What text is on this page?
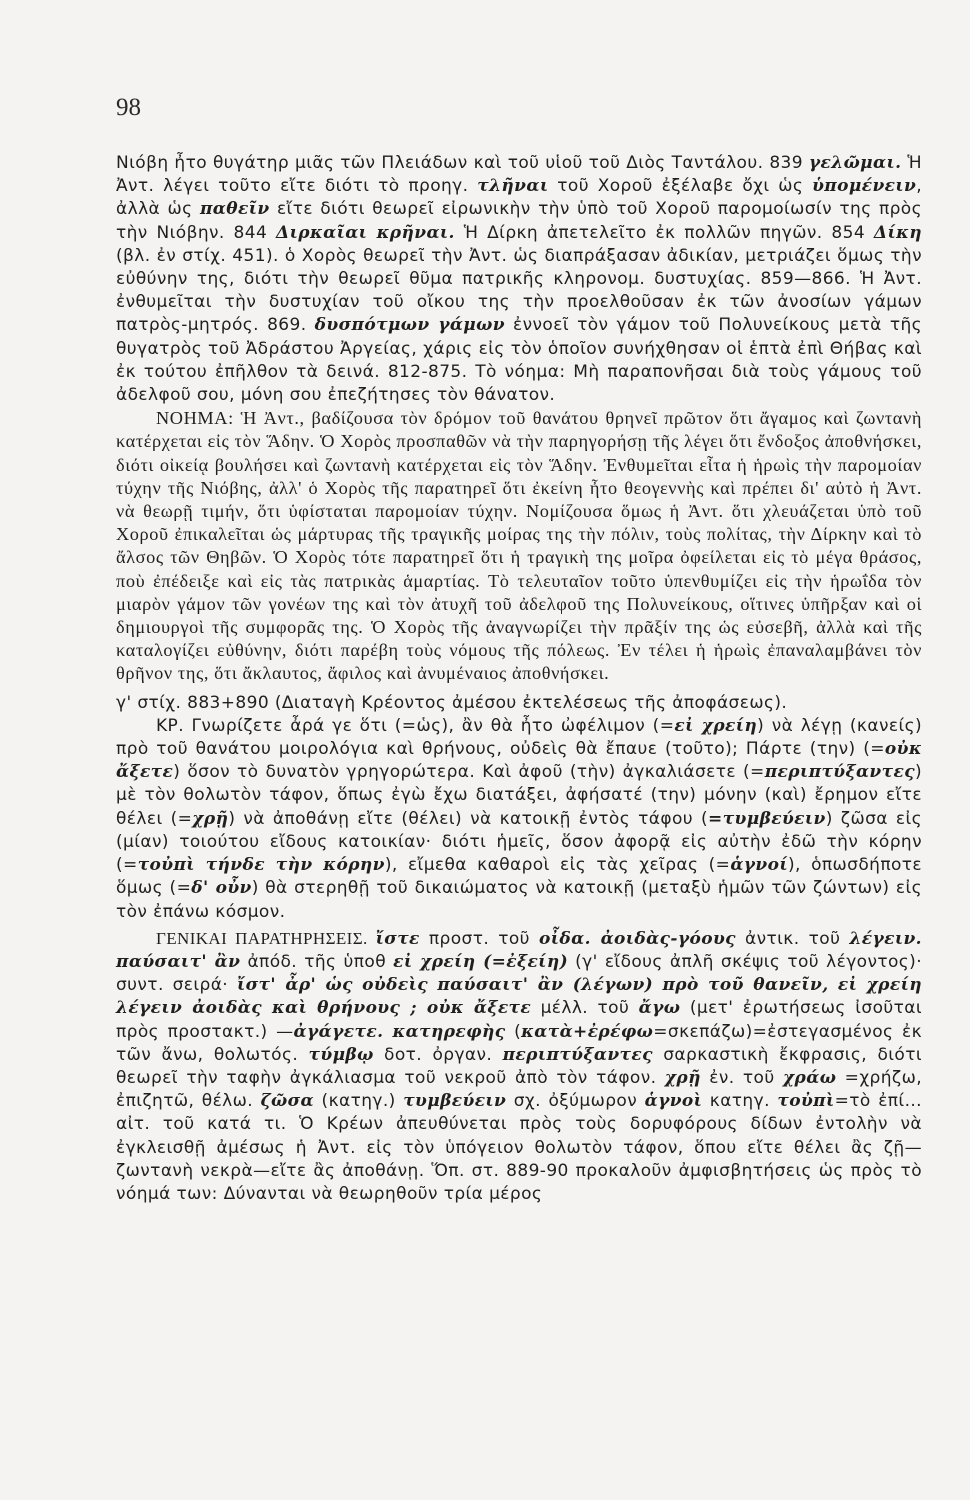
98

Νιόβη ἦτο θυγάτηρ μιᾶς τῶν Πλειάδων καὶ τοῦ υἱοῦ τοῦ Διὸς Ταντάλου. 839 γελῶμαι. Ἡ Ἀντ. λέγει τοῦτο εἴτε διότι τὸ προηγ. τλῆναι τοῦ Χοροῦ ἐξέλαβε ὄχι ὡς ὑπομένειν, ἀλλὰ ὡς παθεῖν εἴτε διότι θεωρεῖ εἰρωνικὴν τὴν ὑπὸ τοῦ Χοροῦ παρομοίωσίν της πρὸς τὴν Νιόβην. 844 Διρκαῖαι κρῆναι. Ἡ Δίρκη ἀπετελεῖτο ἐκ πολλῶν πηγῶν. 854 Δίκη (βλ. ἐν στίχ. 451). ὁ Χορὸς θεωρεῖ τὴν Ἀντ. ὡς διαπράξασαν ἀδικίαν, μετριάζει ὅμως τὴν εὐθύνην της, διότι τὴν θεωρεῖ θῦμα πατρικῆς κληρονομ. δυστυχίας. 859—866. Ἡ Ἀντ. ἐνθυμεῖται τὴν δυστυχίαν τοῦ οἴκου της τὴν προελθοῦσαν ἐκ τῶν ἀνοσίων γάμων πατρὸς-μητρός. 869. δυσπότμων γάμων ἐννοεῖ τὸν γάμον τοῦ Πολυνείκους μετὰ τῆς θυγατρὸς τοῦ Ἀδράστου Ἀργείας, χάρις εἰς τὸν ὁποῖον συνήχθησαν οἱ ἑπτὰ ἐπὶ Θήβας καὶ ἐκ τούτου ἐπῆλθον τὰ δεινά. 812-875. Τὸ νόημα: Μὴ παραπονῆσαι διὰ τοὺς γάμους τοῦ ἀδελφοῦ σου, μόνη σου ἐπεζήτησες τὸν θάνατον.

ΝΟΗΜΑ: Ἡ Ἀντ., βαδίζουσα τὸν δρόμον τοῦ θανάτου θρηνεῖ πρῶτον ὅτι ἄγαμος καὶ ζωντανὴ κατέρχεται εἰς τὸν Ἅδην. Ὁ Χορὸς προσπαθῶν νὰ τὴν παρηγορήσῃ τῆς λέγει ὅτι ἔνδοξος ἀποθνήσκει, διότι οἰκείᾳ βουλήσει καὶ ζωντανὴ κατέρχεται εἰς τὸν Ἅδην. Ἐνθυμεῖται εἶτα ἡ ἡρωὶς τὴν παρομοίαν τύχην τῆς Νιόβης, ἀλλ' ὁ Χορὸς τῆς παρατηρεῖ ὅτι ἐκείνη ἦτο θεογεννὴς καὶ πρέπει δι' αὐτὸ ἡ Ἀντ. νὰ θεωρῇ τιμήν, ὅτι ὑφίσταται παρομοίαν τύχην. Νομίζουσα ὅμως ἡ Ἀντ. ὅτι χλευάζεται ὑπὸ τοῦ Χοροῦ ἐπικαλεῖται ὡς μάρτυρας τῆς τραγικῆς μοίρας της τὴν πόλιν, τοὺς πολίτας, τὴν Δίρκην καὶ τὸ ἄλσος τῶν Θηβῶν. Ὁ Χορὸς τότε παρατηρεῖ ὅτι ἡ τραγικὴ της μοῖρα ὀφείλεται εἰς τὸ μέγα θράσος, ποὺ ἐπέδειξε καὶ εἰς τὰς πατρικὰς ἁμαρτίας. Τὸ τελευταῖον τοῦτο ὑπενθυμίζει εἰς τὴν ἡρωΐδα τὸν μιαρὸν γάμον τῶν γονέων της καὶ τὸν ἀτυχῆ τοῦ ἀδελφοῦ της Πολυνείκους, οἵτινες ὑπῆρξαν καὶ οἱ δημιουργοὶ τῆς συμφορᾶς της. Ὁ Χορὸς τῆς ἀναγνωρίζει τὴν πρᾶξίν της ὡς εὐσεβῆ, ἀλλὰ καὶ τῆς καταλογίζει εὐθύνην, διότι παρέβη τοὺς νόμους τῆς πόλεως. Ἐν τέλει ἡ ἡρωὶς ἐπαναλαμβάνει τὸν θρῆνον της, ὅτι ἄκλαυτος, ἄφιλος καὶ ἀνυμέναιος ἀποθνήσκει.

γ' στίχ. 883+890 (Διαταγὴ Κρέοντος ἀμέσου ἐκτελέσεως τῆς ἀποφάσεως).

ΚΡ. Γνωρίζετε ἆρά γε ὅτι (=ὡς), ἂν θὰ ἦτο ὠφέλιμον (=εἰ χρείη) νὰ λέγῃ (κανείς) πρὸ τοῦ θανάτου μοιρολόγια καὶ θρήνους, οὐδεὶς θὰ ἔπαυε (τοῦτο); Πάρτε (την) (=οὐκ ἄξετε) ὅσον τὸ δυνατὸν γρηγορώτερα. Καὶ ἀφοῦ (τὴν) ἀγκαλιάσετε (=περιπτύξαντες) μὲ τὸν θολωτὸν τάφον, ὅπως ἐγὼ ἔχω διατάξει, ἀφήσατέ (την) μόνην (καὶ) ἔρημον εἴτε θέλει (=χρῇ) νὰ ἀποθάνῃ εἴτε (θέλει) νὰ κατοικῇ ἐντὸς τάφου (=τυμβεύειν) ζῶσα εἰς (μίαν) τοιούτου εἴδους κατοικίαν· διότι ἡμεῖς, ὅσον ἀφορᾷ εἰς αὐτὴν ἐδῶ τὴν κόρην (=τοὐπὶ τήνδε τὴν κόρην), εἴμεθα καθαροὶ εἰς τὰς χεῖρας (=ἁγνοί), ὁπωσδήποτε ὅμως (=δ' οὖν) θὰ στερηθῇ τοῦ δικαιώματος νὰ κατοικῇ (μεταξὺ ἡμῶν τῶν ζώντων) εἰς τὸν ἐπάνω κόσμον.

ΓΕΝΙΚΑΙ ΠΑΡΑΤΗΡΗΣΕΙΣ. ἴστε προστ. τοῦ οἶδα. ἀοιδὰς-γόους ἀντικ. τοῦ λέγειν. παύσαιτ' ἂν ἀπόδ. τῆς ὑποθ εἰ χρείη (=ἐξείη) (γ' εἴδους ἀπλῆ σκέψις τοῦ λέγοντος)· συντ. σειρά· ἴστ' ἆρ' ὡς οὐδεὶς παύσαιτ' ἂν (λέγων) πρὸ τοῦ θανεῖν, εἰ χρείη λέγειν ἀοιδὰς καὶ θρήνους ; οὐκ ἄξετε μέλλ. τοῦ ἄγω (μετ' ἐρωτήσεως ἰσοῦται πρὸς προστακτ.) —ἀγάγετε. κατηρεφὴς (κατὰ+ἐρέφω=σκεπάζω)=ἐστεγασμένος ἐκ τῶν ἄνω, θολωτός. τύμβῳ δοτ. ὀργαν. περιπτύξαντες σαρκαστικὴ ἔκφρασις, διότι θεωρεῖ τὴν ταφὴν ἀγκάλιασμα τοῦ νεκροῦ ἀπὸ τὸν τάφον. χρῇ ἐν. τοῦ χράω =χρήζω, ἐπιζητῶ, θέλω. ζῶσα (κατηγ.) τυμβεύειν σχ. ὀξύμωρον ἁγνοὶ κατηγ. τοὐπὶ=τὸ ἐπί... αἰτ. τοῦ κατά τι. Ὁ Κρέων ἀπευθύνεται πρὸς τοὺς δορυφόρους δίδων ἐντολὴν νὰ ἐγκλεισθῇ ἀμέσως ἡ Ἀντ. εἰς τὸν ὑπόγειον θολωτὸν τάφον, ὅπου εἴτε θέλει ἂς ζῇ—ζωντανὴ νεκρὰ—εἴτε ἂς ἀποθάνῃ. Ὅπ. στ. 889-90 προκαλοῦν ἀμφισβητήσεις ὡς πρὸς τὸ νόημά των: Δύνανται νὰ θεωρηθοῦν τρία μέρος
